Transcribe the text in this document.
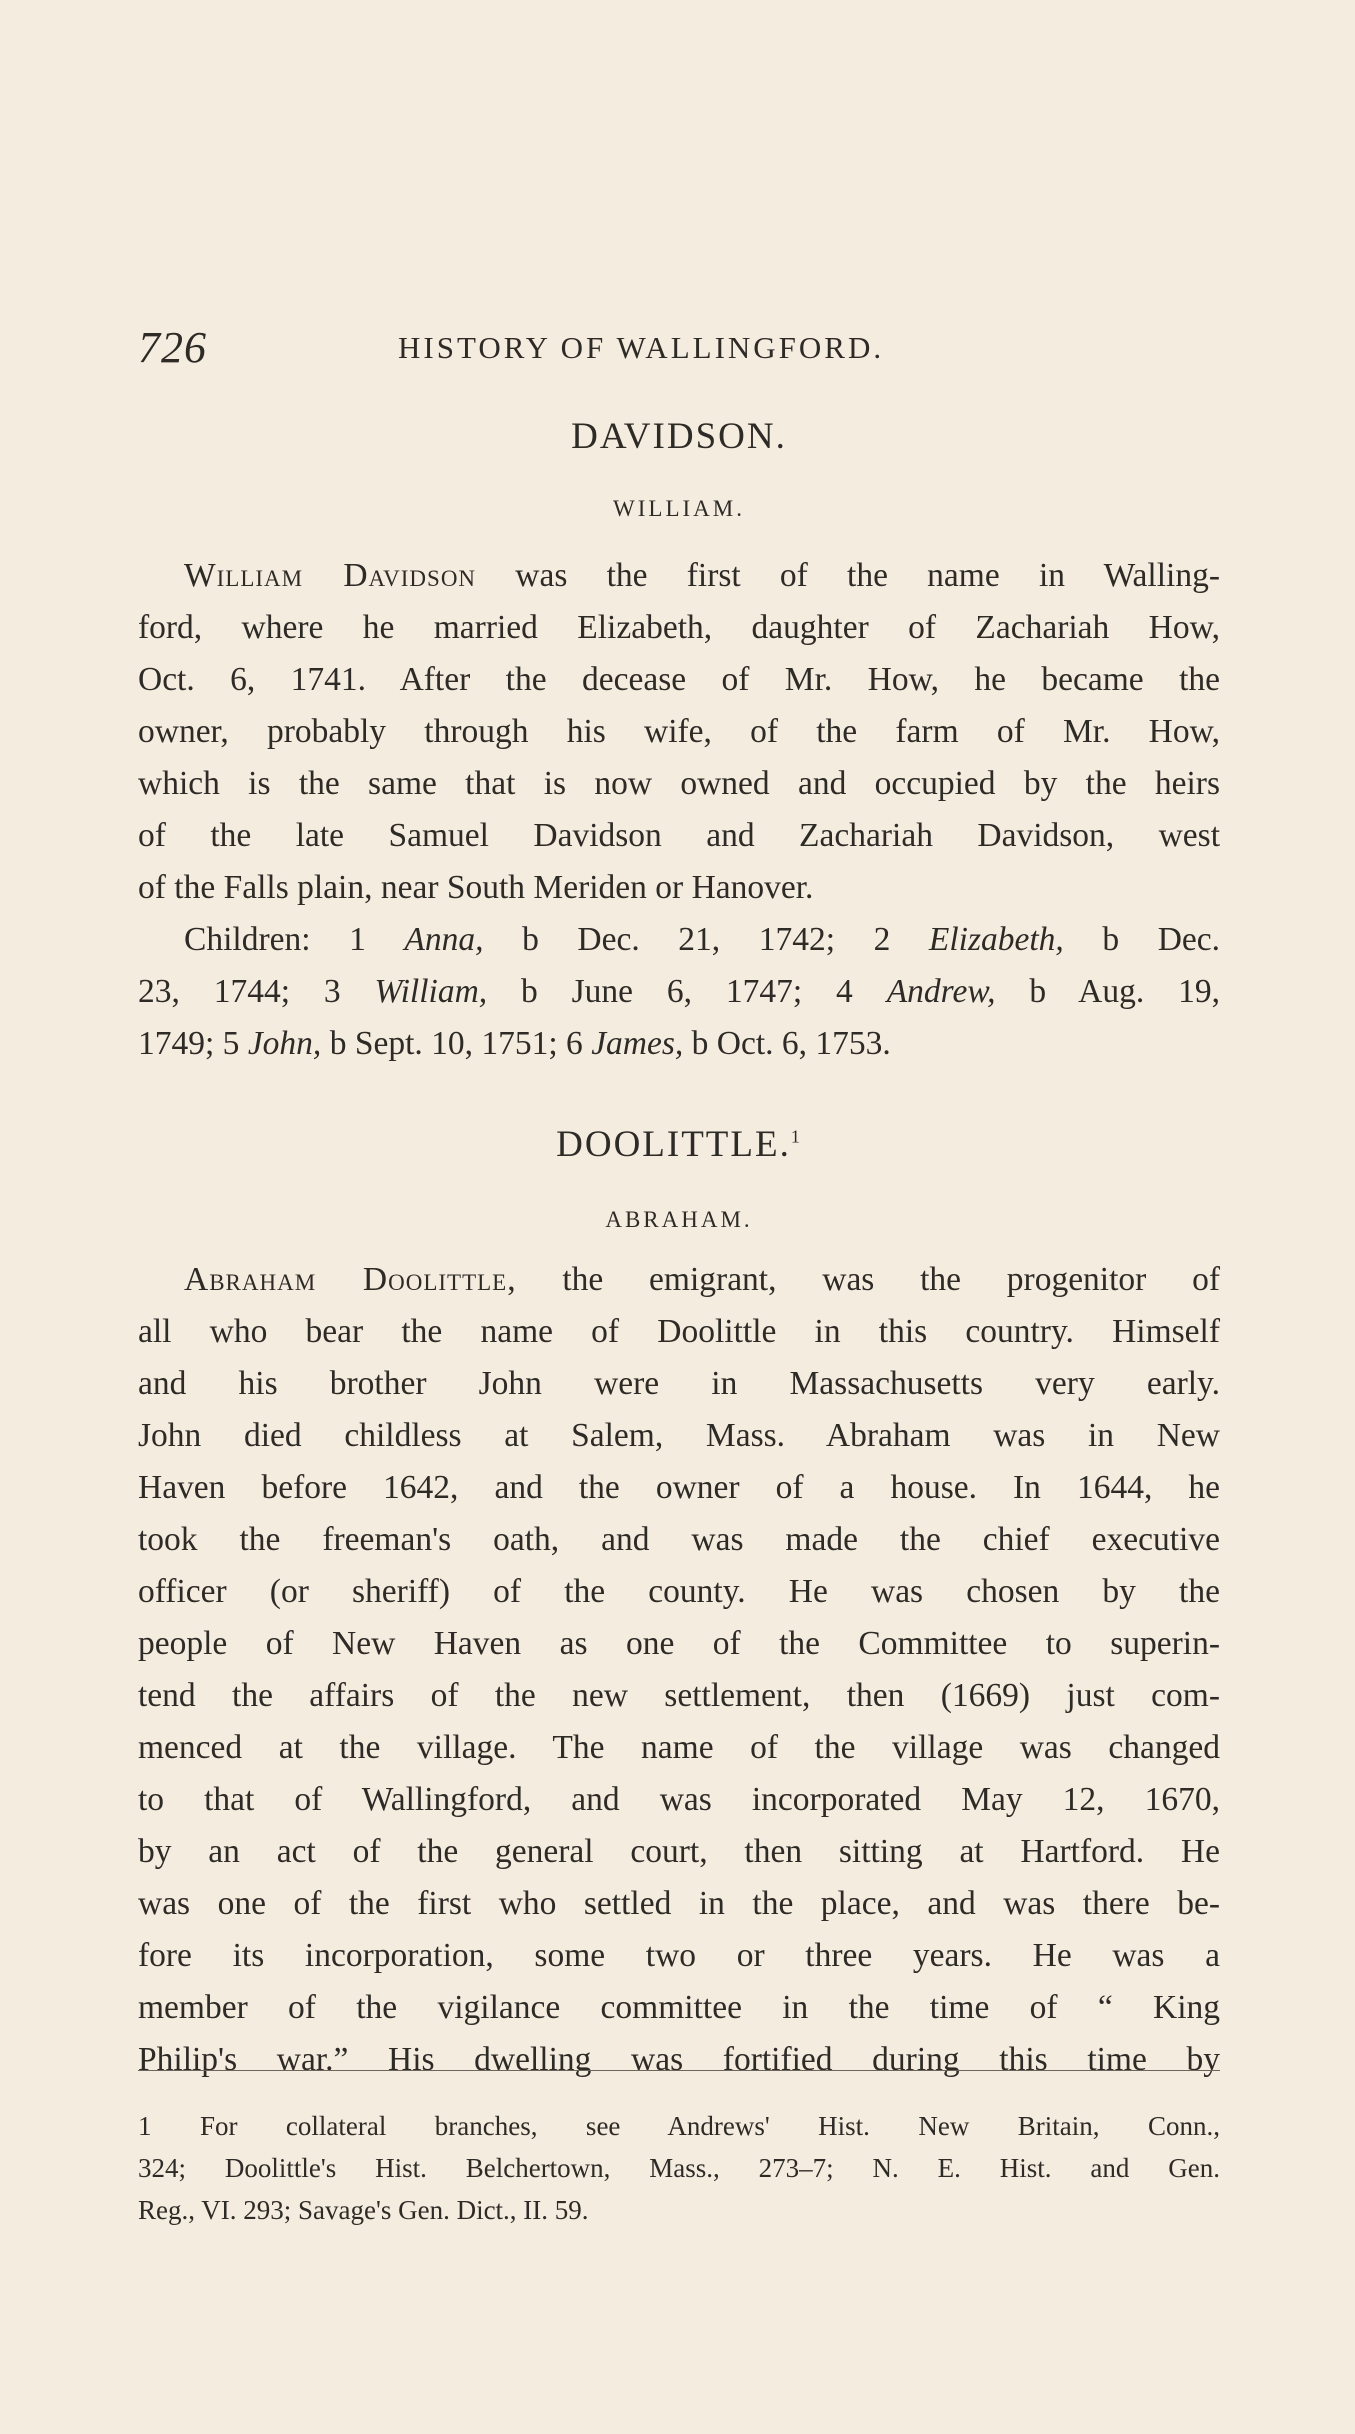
726	HISTORY OF WALLINGFORD.
DAVIDSON.
WILLIAM.
William Davidson was the first of the name in Walling-
ford, where he married Elizabeth, daughter of Zachariah How,
Oct. 6, 1741. After the decease of Mr. How, he became the
owner, probably through his wife, of the farm of Mr. How,
which is the same that is now owned and occupied by the heirs
of the late Samuel Davidson and Zachariah Davidson, west
of the Falls plain, near South Meriden or Hanover.
Children: 1 Anna, b Dec. 21, 1742; 2 Elizabeth, b Dec.
23, 1744; 3 William, b June 6, 1747; 4 Andrew, b Aug. 19,
1749; 5 John, b Sept. 10, 1751; 6 James, b Oct. 6, 1753.
DOOLITTLE.$^1$
ABRAHAM.
Abraham Doolittle, the emigrant, was the progenitor of
all who bear the name of Doolittle in this country. Himself
and his brother John were in Massachusetts very early.
John died childless at Salem, Mass. Abraham was in New
Haven before 1642, and the owner of a house. In 1644, he
took the freeman's oath, and was made the chief executive
officer (or sheriff) of the county. He was chosen by the
people of New Haven as one of the Committee to superin-
tend the affairs of the new settlement, then (1669) just com-
menced at the village. The name of the village was changed
to that of Wallingford, and was incorporated May 12, 1670,
by an act of the general court, then sitting at Hartford. He
was one of the first who settled in the place, and was there be-
fore its incorporation, some two or three years. He was a
member of the vigilance committee in the time of “ King
Philip's war.” His dwelling was fortified during this time by
1 For collateral branches, see Andrews' Hist. New Britain, Conn.,
324; Doolittle's Hist. Belchertown, Mass., 273–7; N. E. Hist. and Gen.
Reg., VI. 293; Savage's Gen. Dict., II. 59.
